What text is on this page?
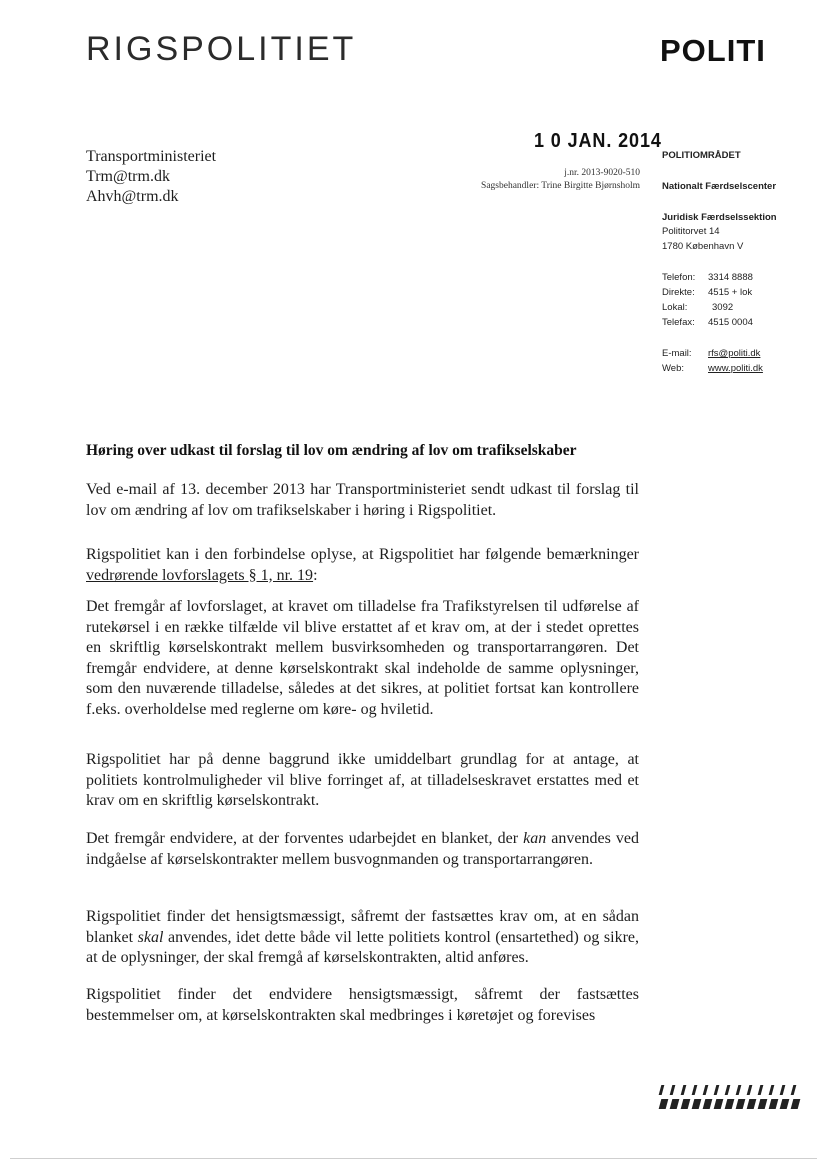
RIGSPOLITIET	POLITI
1 0 JAN. 2014
j.nr. 2013-9020-510
Sagsbehandler: Trine Birgitte Bjørnsholm
Transportministeriet
Trm@trm.dk
Ahvh@trm.dk
POLITIOMRÅDET
Nationalt Færdselscenter
Juridisk Færdselssektion
Polititorvet 14
1780 København V
Telefon: 3314 8888
Direkte: 4515 + lok
Lokal:	3092
Telefax: 4515 0004
E-mail: rfs@politi.dk
Web:	www.politi.dk
Høring over udkast til forslag til lov om ændring af lov om trafikselskaber
Ved e-mail af 13. december 2013 har Transportministeriet sendt udkast til forslag til lov om ændring af lov om trafikselskaber i høring i Rigspolitiet.
Rigspolitiet kan i den forbindelse oplyse, at Rigspolitiet har følgende bemærkninger vedrørende lovforslagets § 1, nr. 19:
Det fremgår af lovforslaget, at kravet om tilladelse fra Trafikstyrelsen til udførelse af rutekørsel i en række tilfælde vil blive erstattet af et krav om, at der i stedet oprettes en skriftlig kørselskontrakt mellem busvirksomheden og transportarrangøren. Det fremgår endvidere, at denne kørselskontrakt skal indeholde de samme oplysninger, som den nuværende tilladelse, således at det sikres, at politiet fortsat kan kontrollere f.eks. overholdelse med reglerne om køre- og hviletid.
Rigspolitiet har på denne baggrund ikke umiddelbart grundlag for at antage, at politiets kontrolmuligheder vil blive forringet af, at tilladelseskravet erstattes med et krav om en skriftlig kørselskontrakt.
Det fremgår endvidere, at der forventes udarbejdet en blanket, der kan anvendes ved indgåelse af kørselskontrakter mellem busvognmanden og transportarrangøren.
Rigspolitiet finder det hensigtsmæssigt, såfremt der fastsættes krav om, at en sådan blanket skal anvendes, idet dette både vil lette politiets kontrol (ensartethed) og sikre, at de oplysninger, der skal fremgå af kørselskontrakten, altid anføres.
Rigspolitiet finder det endvidere hensigtsmæssigt, såfremt der fastsættes bestemmelser om, at kørselskontrakten skal medbringes i køretøjet og forevises
